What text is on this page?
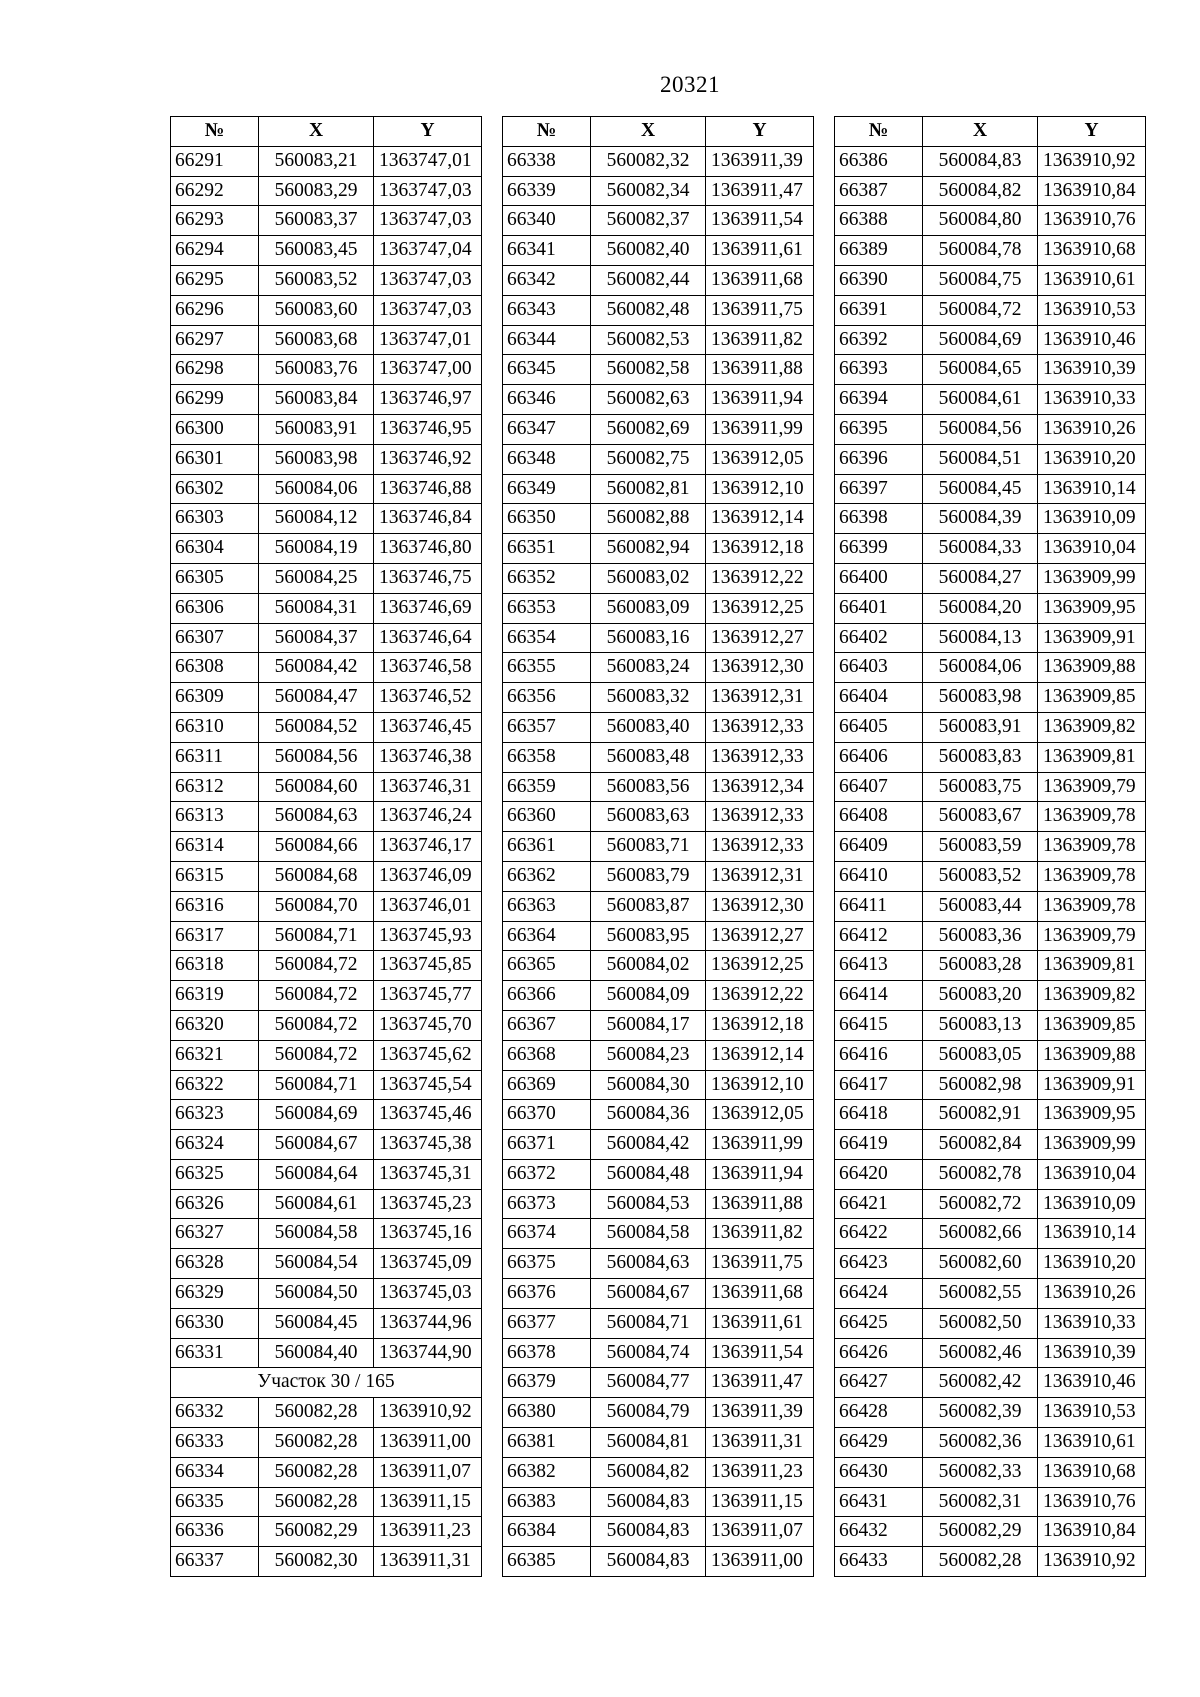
20321
№	X	Y
66291	560083,21	1363747,01
66292	560083,29	1363747,03
66293	560083,37	1363747,03
66294	560083,45	1363747,04
66295	560083,52	1363747,03
66296	560083,60	1363747,03
66297	560083,68	1363747,01
66298	560083,76	1363747,00
66299	560083,84	1363746,97
66300	560083,91	1363746,95
66301	560083,98	1363746,92
66302	560084,06	1363746,88
66303	560084,12	1363746,84
66304	560084,19	1363746,80
66305	560084,25	1363746,75
66306	560084,31	1363746,69
66307	560084,37	1363746,64
66308	560084,42	1363746,58
66309	560084,47	1363746,52
66310	560084,52	1363746,45
66311	560084,56	1363746,38
66312	560084,60	1363746,31
66313	560084,63	1363746,24
66314	560084,66	1363746,17
66315	560084,68	1363746,09
66316	560084,70	1363746,01
66317	560084,71	1363745,93
66318	560084,72	1363745,85
66319	560084,72	1363745,77
66320	560084,72	1363745,70
66321	560084,72	1363745,62
66322	560084,71	1363745,54
66323	560084,69	1363745,46
66324	560084,67	1363745,38
66325	560084,64	1363745,31
66326	560084,61	1363745,23
66327	560084,58	1363745,16
66328	560084,54	1363745,09
66329	560084,50	1363745,03
66330	560084,45	1363744,96
66331	560084,40	1363744,90
Участок 30 / 165		
66332	560082,28	1363910,92
66333	560082,28	1363911,00
66334	560082,28	1363911,07
66335	560082,28	1363911,15
66336	560082,29	1363911,23
66337	560082,30	1363911,31
№	X	Y
66338	560082,32	1363911,39
66339	560082,34	1363911,47
66340	560082,37	1363911,54
66341	560082,40	1363911,61
66342	560082,44	1363911,68
66343	560082,48	1363911,75
66344	560082,53	1363911,82
66345	560082,58	1363911,88
66346	560082,63	1363911,94
66347	560082,69	1363911,99
66348	560082,75	1363912,05
66349	560082,81	1363912,10
66350	560082,88	1363912,14
66351	560082,94	1363912,18
66352	560083,02	1363912,22
66353	560083,09	1363912,25
66354	560083,16	1363912,27
66355	560083,24	1363912,30
66356	560083,32	1363912,31
66357	560083,40	1363912,33
66358	560083,48	1363912,33
66359	560083,56	1363912,34
66360	560083,63	1363912,33
66361	560083,71	1363912,33
66362	560083,79	1363912,31
66363	560083,87	1363912,30
66364	560083,95	1363912,27
66365	560084,02	1363912,25
66366	560084,09	1363912,22
66367	560084,17	1363912,18
66368	560084,23	1363912,14
66369	560084,30	1363912,10
66370	560084,36	1363912,05
66371	560084,42	1363911,99
66372	560084,48	1363911,94
66373	560084,53	1363911,88
66374	560084,58	1363911,82
66375	560084,63	1363911,75
66376	560084,67	1363911,68
66377	560084,71	1363911,61
66378	560084,74	1363911,54
66379	560084,77	1363911,47
66380	560084,79	1363911,39
66381	560084,81	1363911,31
66382	560084,82	1363911,23
66383	560084,83	1363911,15
66384	560084,83	1363911,07
66385	560084,83	1363911,00
№	X	Y
66386	560084,83	1363910,92
66387	560084,82	1363910,84
66388	560084,80	1363910,76
66389	560084,78	1363910,68
66390	560084,75	1363910,61
66391	560084,72	1363910,53
66392	560084,69	1363910,46
66393	560084,65	1363910,39
66394	560084,61	1363910,33
66395	560084,56	1363910,26
66396	560084,51	1363910,20
66397	560084,45	1363910,14
66398	560084,39	1363910,09
66399	560084,33	1363910,04
66400	560084,27	1363909,99
66401	560084,20	1363909,95
66402	560084,13	1363909,91
66403	560084,06	1363909,88
66404	560083,98	1363909,85
66405	560083,91	1363909,82
66406	560083,83	1363909,81
66407	560083,75	1363909,79
66408	560083,67	1363909,78
66409	560083,59	1363909,78
66410	560083,52	1363909,78
66411	560083,44	1363909,78
66412	560083,36	1363909,79
66413	560083,28	1363909,81
66414	560083,20	1363909,82
66415	560083,13	1363909,85
66416	560083,05	1363909,88
66417	560082,98	1363909,91
66418	560082,91	1363909,95
66419	560082,84	1363909,99
66420	560082,78	1363910,04
66421	560082,72	1363910,09
66422	560082,66	1363910,14
66423	560082,60	1363910,20
66424	560082,55	1363910,26
66425	560082,50	1363910,33
66426	560082,46	1363910,39
66427	560082,42	1363910,46
66428	560082,39	1363910,53
66429	560082,36	1363910,61
66430	560082,33	1363910,68
66431	560082,31	1363910,76
66432	560082,29	1363910,84
66433	560082,28	1363910,92
